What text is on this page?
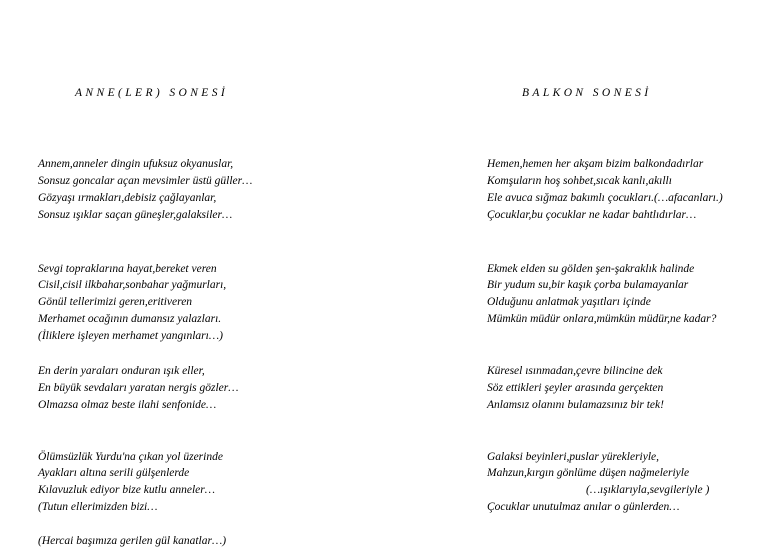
ANNE(LER) SONESİ
Annem,anneler dingin ufuksuz okyanuslar,
Sonsuz goncalar açan mevsimler üstü güller…
Gözyaşı ırmakları,debisiz çağlayanlar,
Sonsuz ışıklar saçan güneşler,galaksiler…
Sevgi topraklarına hayat,bereket veren
Cisil,cisil ilkbahar,sonbahar yağmurları,
Gönül tellerimizi geren,eritiveren
Merhamet ocağının dumansız yalazları.
(İliklere işleyen merhamet yangınları…)
En derin yaraları onduran ışık eller,
En büyük sevdaları yaratan nergis gözler…
Olmazsa olmaz beste ilahi senfonide…
Ölümsüzlük Yurdu'na çıkan yol üzerinde
Ayakları altına serili gülşenlerde
Kılavuzluk ediyor bize kutlu anneler…
(Tutun ellerimizden bizi…
(Hercai başımıza gerilen gül kanatlar…)
BALKON SONESİ
Hemen,hemen her akşam bizim balkondadırlar
Komşuların hoş sohbet,sıcak kanlı,akıllı
Ele avuca sığmaz bakımlı çocukları.(…afacanları.)
Çocuklar,bu çocuklar ne kadar bahtlıdırlar…
Ekmek elden su gölden şen-şakraklık halinde
Bir yudum su,bir kaşık çorba bulamayanlar
Olduğunu anlatmak yaşıtları içinde
Mümkün müdür onlara,mümkün müdür,ne kadar?
Küresel ısınmadan,çevre bilincine dek
Söz ettikleri şeyler arasında gerçekten
Anlamsız olanını bulamazsınız bir tek!
Galaksi beyinleri,puslar yürekleriyle,
Mahzun,kırgın gönlüme düşen nağmeleriyle
(…ışıklarıyla,sevgileriyle )
Çocuklar unutulmaz anılar o günlerden…
